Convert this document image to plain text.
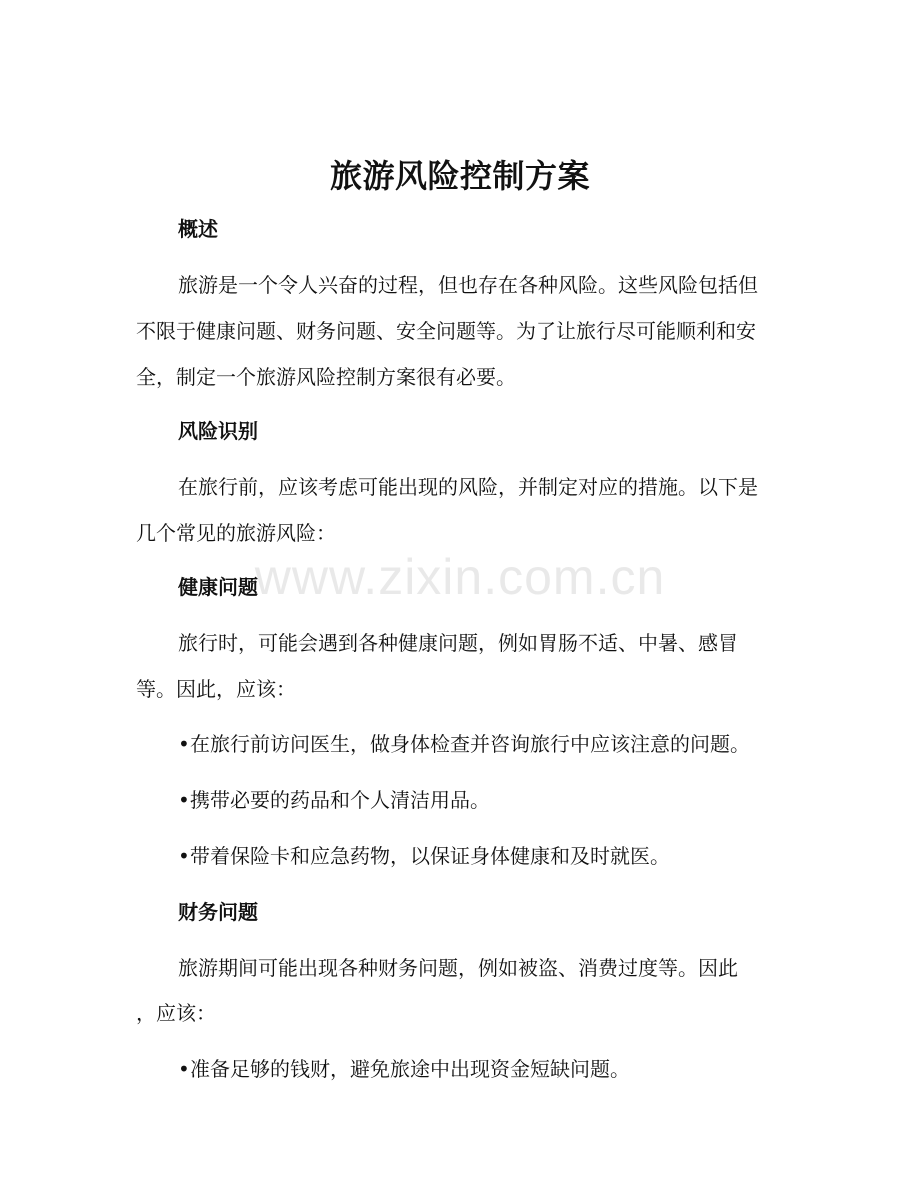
www.zixin.com.cn
旅游风险控制方案
概述

旅游是一个令人兴奋的过程，但也存在各种风险。这些风险包括但不限于健康问题、财务问题、安全问题等。为了让旅行尽可能顺利和安全，制定一个旅游风险控制方案很有必要。

风险识别

在旅行前，应该考虑可能出现的风险，并制定对应的措施。以下是几个常见的旅游风险：

健康问题

旅行时，可能会遇到各种健康问题，例如胃肠不适、中暑、感冒等。因此，应该：

•在旅行前访问医生，做身体检查并咨询旅行中应该注意的问题。
•携带必要的药品和个人清洁用品。
•带着保险卡和应急药物，以保证身体健康和及时就医。
财务问题
旅游期间可能出现各种财务问题，例如被盗、消费过度等。因此
，应该：
•准备足够的钱财，避免旅途中出现资金短缺问题。
